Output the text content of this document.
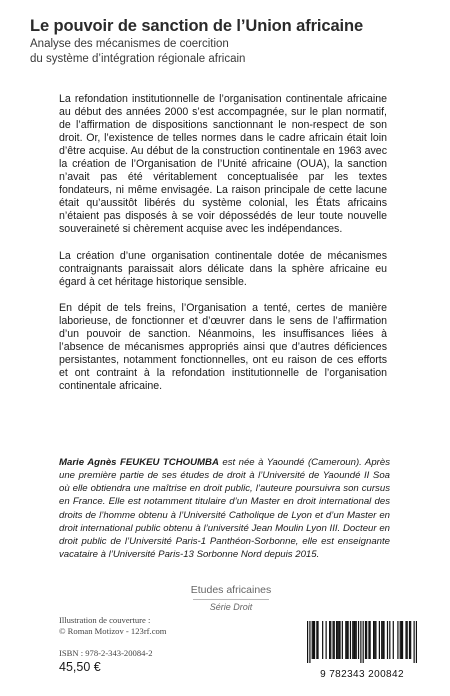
Le pouvoir de sanction de l’Union africaine
Analyse des mécanismes de coercition
du système d’intégration régionale africain

La refondation institutionnelle de l’organisation continentale africaine au début des années 2000 s’est accompagnée, sur le plan normatif, de l’affirmation de dispositions sanctionnant le non-respect de son droit. Or, l’existence de telles normes dans le cadre africain était loin d’être acquise. Au début de la construction continentale en 1963 avec la création de l’Organisation de l’Unité africaine (OUA), la sanction n’avait pas été véritablement conceptualisée par les textes fondateurs, ni même envisagée. La raison principale de cette lacune était qu’aussitôt libérés du système colonial, les États africains n’étaient pas disposés à se voir dépossédés de leur toute nouvelle souveraineté si chèrement acquise avec les indépendances.

La création d’une organisation continentale dotée de mécanismes contraignants paraissait alors délicate dans la sphère africaine eu égard à cet héritage historique sensible.

En dépit de tels freins, l’Organisation a tenté, certes de manière laborieuse, de fonctionner et d’œuvrer dans le sens de l’affirmation d’un pouvoir de sanction. Néanmoins, les insuffisances liées à l’absence de mécanismes appropriés ainsi que d’autres déficiences persistantes, notamment fonctionnelles, ont eu raison de ces efforts et ont contraint à la refondation institutionnelle de l’organisation continentale africaine.

Marie Agnès FEUKEU TCHOUMBA est née à Yaoundé (Cameroun). Après une première partie de ses études de droit à l’Université de Yaoundé II Soa où elle obtiendra une maîtrise en droit public, l’auteure poursuivra son cursus en France. Elle est notamment titulaire d’un Master en droit international des droits de l’homme obtenu à l’Université Catholique de Lyon et d’un Master en droit international public obtenu à l’université Jean Moulin Lyon III. Docteur en droit public de l’Université Paris-1 Panthéon-Sorbonne, elle est enseignante vacataire à l’Université Paris-13 Sorbonne Nord depuis 2015.
Etudes africaines
Série Droit
Illustration de couverture :
© Roman Motizov - 123rf.com
ISBN : 978-2-343-20084-2
45,50 €
9 782343 200842
